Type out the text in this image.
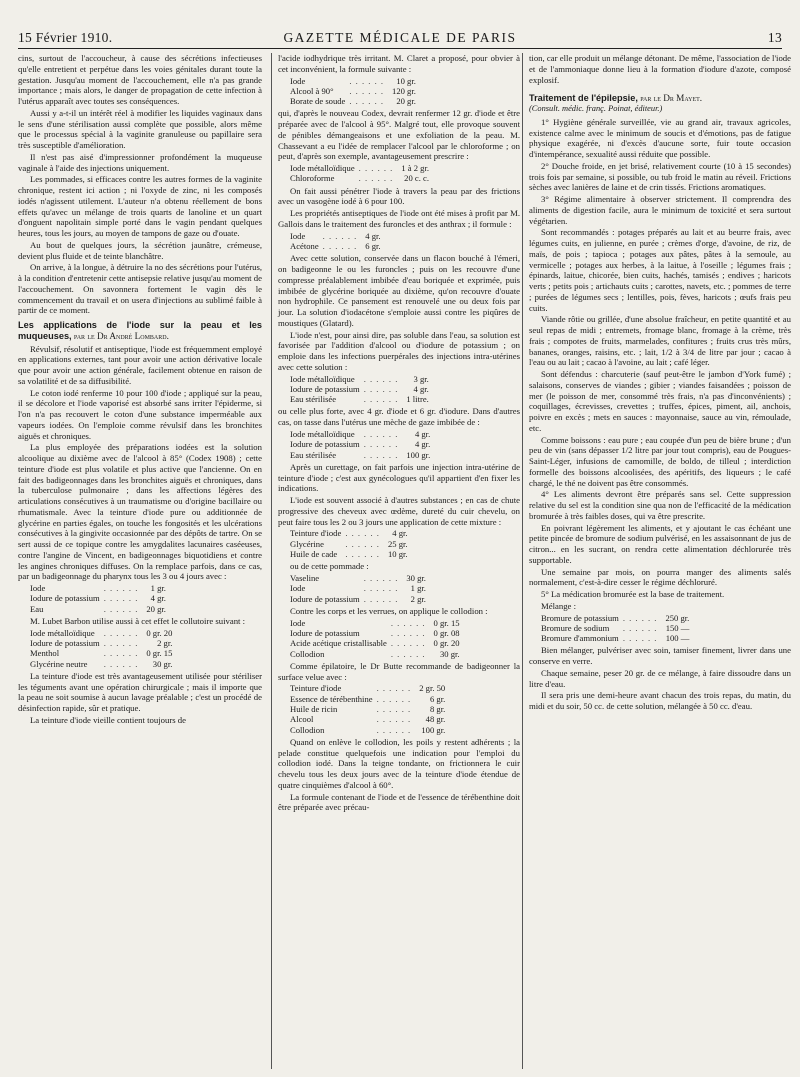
15 Février 1910.	GAZETTE MÉDICALE DE PARIS	13

cins, surtout de l'accoucheur, à cause des sécrétions infectieuses qu'elle entretient et perpétue dans les voies génitales durant toute la gestation. Jusqu'au moment de l'accouchement, elle n'a pas grande importance ; mais alors, le danger de propagation de cette infection à l'utérus apparaît avec toutes ses conséquences.

Aussi y a-t-il un intérêt réel à modifier les liquides vaginaux dans le sens d'une stérilisation aussi complète que possible, alors même que le processus spécial à la vaginite granuleuse ou papillaire sera très susceptible d'amélioration.

Il n'est pas aisé d'impressionner profondément la muqueuse vaginale à l'aide des injections uniquement.

Les pommades, si efficaces contre les autres formes de la vaginite chronique, restent ici action ; ni l'oxyde de zinc, ni les composés iodés n'agissent utilement. L'auteur n'a obtenu réellement de bons effets qu'avec un mélange de trois quarts de lanoline et un quart d'onguent napolitain simple porté dans le vagin pendant quelques heures, tous les jours, au moyen de tampons de gaze ou d'ouate.

Au bout de quelques jours, la sécrétion jaunâtre, crémeuse, devient plus fluide et de teinte blanchâtre.

On arrive, à la longue, à détruire la no des sécrétions pour l'utérus, à la condition d'entretenir cette antisepsie relative jusqu'au moment de l'accouchement. On savonnera fortement le vagin dès le commencement du travail et on usera d'injections au sublimé faible à partir de ce moment.

Les applications de l'iode sur la peau et les muqueuses, par le Dr André Lombard.

Révulsif, résolutif et antiseptique, l'iode est fréquemment employé en applications externes, tant pour avoir une action dérivative locale que pour avoir une action générale, facilement obtenue en raison de sa volatilité et de sa diffusibilité.

Le coton iodé renferme 10 pour 100 d'iode ; appliqué sur la peau, il se décolore et l'iode vaporisé est absorbé sans irriter l'épiderme, si l'on n'a pas recouvert le coton d'une substance imperméable aux vapeurs iodées. On l'emploie comme révulsif dans les bronchites aiguës et chroniques.

La plus employée des préparations iodées est la solution alcoolique au dixième avec de l'alcool à 85° (Codex 1908) ; cette teinture d'iode est plus volatile et plus active que l'ancienne. On en fait des badigeonnages dans les bronchites aiguës et chroniques, dans la tuberculose pulmonaire ; dans les affections légères des articulations consécutives à un traumatisme ou d'origine bacillaire ou rhumatismale. Avec la teinture d'iode pure ou additionnée de glycérine en parties égales, on touche les fongosités et les ulcérations consécutives à la gingivite occasionnée par des dépôts de tartre. On se sert aussi de ce topique contre les amygdalites lacunaires caséeuses, contre l'angine de Vincent, en badigeonnages biquotidiens et contre les angines chroniques diffuses. On la remplace parfois, dans ce cas, par un badigeonnage du pharynx tous les 3 ou 4 jours avec :

Iode	. . . . . .	1 gr.
Iodure de potassium	. . . . . .	4 gr.
Eau	. . . . . .	20 gr.

M. Lubet Barbon utilise aussi à cet effet le collutoire suivant :

Iode métalloïdique	. . . . . .	0 gr. 20
Iodure de potassium	. . . . . .	2 gr.
Menthol	. . . . . .	0 gr. 15
Glycérine neutre	. . . . . .	30 gr.

La teinture d'iode est très avantageusement utilisée pour stériliser les téguments avant une opération chirurgicale ; mais il importe que la peau ne soit soumise à aucun lavage préalable ; c'est un procédé de désinfection rapide, sûr et pratique.

La teinture d'iode vieille contient toujours de

l'acide iodhydrique très irritant. M. Claret a proposé, pour obvier à cet inconvénient, la formule suivante :

Iode	. . . . . .	10 gr.
Alcool à 90°	. . . . . .	120 gr.
Borate de soude	. . . . . .	20 gr.

qui, d'après le nouveau Codex, devrait renfermer 12 gr. d'iode et être préparée avec de l'alcool à 95°. Malgré tout, elle provoque souvent de pénibles démangeaisons et une exfoliation de la peau. M. Chassevant a eu l'idée de remplacer l'alcool par le chloroforme ; on peut, d'après son exemple, avantageusement prescrire :

Iode métalloïdique	. . . . . .	1 à 2 gr.
Chloroforme	. . . . . .	20 c. c.

On fait aussi pénétrer l'iode à travers la peau par des frictions avec un vasogène iodé à 6 pour 100.

Les propriétés antiseptiques de l'iode ont été mises à profit par M. Gallois dans le traitement des furoncles et des anthrax ; il formule :

Iode	. . . . . .	4 gr.
Acétone	. . . . . .	6 gr.

Avec cette solution, conservée dans un flacon bouché à l'émeri, on badigeonne le ou les furoncles ; puis on les recouvre d'une compresse préalablement imbibée d'eau boriquée et exprimée, puis imbibée de glycérine boriquée au dixième, qu'on recouvre d'ouate non hydrophile. Ce pansement est renouvelé une ou deux fois par jour. La solution d'iodacétone s'emploie aussi contre les piqûres de moustiques (Glatard).

L'iode n'est, pour ainsi dire, pas soluble dans l'eau, sa solution est favorisée par l'addition d'alcool ou d'iodure de potassium ; on emploie dans les infections puerpérales des injections intra-utérines avec cette solution :

Iode métalloïdique	. . . . . .	3 gr.
Iodure de potassium	. . . . . .	4 gr.
Eau stérilisée	. . . . . .	1 litre.

ou celle plus forte, avec 4 gr. d'iode et 6 gr. d'iodure. Dans d'autres cas, on tasse dans l'utérus une mèche de gaze imbibée de :

Iode métalloïdique	. . . . . .	4 gr.
Iodure de potassium	. . . . . .	4 gr.
Eau stérilisée	. . . . . .	100 gr.

Après un curettage, on fait parfois une injection intra-utérine de teinture d'iode ; c'est aux gynécologues qu'il appartient d'en fixer les indications.

L'iode est souvent associé à d'autres substances ; en cas de chute progressive des cheveux avec œdème, dureté du cuir chevelu, on peut faire tous les 2 ou 3 jours une application de cette mixture :

Teinture d'iode	. . . . . .	4 gr.
Glycérine	. . . . . .	25 gr.
Huile de cade	. . . . . .	10 gr.

ou de cette pommade :

Vaseline	. . . . . .	30 gr.
Iode	. . . . . .	1 gr.
Iodure de potassium	. . . . . .	2 gr.

Contre les corps et les verrues, on applique le collodion :

Iode	. . . . . .	0 gr. 15
Iodure de potassium	. . . . . .	0 gr. 08
Acide acétique cristallisable	. . . . . .	0 gr. 20
Collodion	. . . . . .	30 gr.

Comme épilatoire, le Dr Butte recommande de badigeonner la surface velue avec :

Teinture d'iode	. . . . . .	2 gr. 50
Essence de térébenthine	. . . . . .	6 gr.
Huile de ricin	. . . . . .	8 gr.
Alcool	. . . . . .	48 gr.
Collodion	. . . . . .	100 gr.

Quand on enlève le collodion, les poils y restent adhérents ; la pelade constitue quelquefois une indication pour l'emploi du collodion iodé. Dans la teigne tondante, on frictionnera le cuir chevelu tous les deux jours avec de la teinture d'iode étendue de quatre cinquièmes d'alcool à 60°.

La formule contenant de l'iode et de l'essence de térébenthine doit être préparée avec précau-

tion, car elle produit un mélange détonant. De même, l'association de l'iode et de l'ammoniaque donne lieu à la formation d'iodure d'azote, composé explosif.

Traitement de l'épilepsie, par le Dr Mayet.
(Consult. médic. franç. Poinat, éditeur.)

1° Hygiène générale surveillée, vie au grand air, travaux agricoles, existence calme avec le minimum de soucis et d'émotions, pas de fatigue physique exagérée, ni d'excès d'aucune sorte, fuir toute occasion d'intempérance, sexualité aussi réduite que possible.

2° Douche froide, en jet brisé, relativement courte (10 à 15 secondes) trois fois par semaine, si possible, ou tub froid le matin au réveil. Frictions sèches avec lanières de laine et de crin tissés. Frictions aromatiques.

3° Régime alimentaire à observer strictement. Il comprendra des aliments de digestion facile, aura le minimum de toxicité et sera surtout végétarien.

Sont recommandés : potages préparés au lait et au beurre frais, avec légumes cuits, en julienne, en purée ; crèmes d'orge, d'avoine, de riz, de maïs, de pois ; tapioca ; potages aux pâtes, pâtes à la semoule, au vermicelle ; potages aux herbes, à la laitue, à l'oseille ; légumes frais ; épinards, laitue, chicorée, bien cuits, hachés, tamisés ; endives ; haricots verts ; petits pois ; artichauts cuits ; carottes, navets, etc. ; pommes de terre ; purées de légumes secs ; lentilles, pois, fèves, haricots ; œufs frais peu cuits.

Viande rôtie ou grillée, d'une absolue fraîcheur, en petite quantité et au seul repas de midi ; entremets, fromage blanc, fromage à la crème, très frais ; compotes de fruits, marmelades, confitures ; fruits crus très mûrs, bananes, oranges, raisins, etc. ; lait, 1/2 à 3/4 de litre par jour ; cacao à l'eau ou au lait ; cacao à l'avoine, au lait ; café léger.

Sont défendus : charcuterie (sauf peut-être le jambon d'York fumé) ; salaisons, conserves de viandes ; gibier ; viandes faisandées ; poisson de mer (le poisson de mer, consommé très frais, n'a pas d'inconvénients) ; coquillages, écrevisses, crevettes ; truffes, épices, piment, ail, anchois, poivre en excès ; mets en sauces : mayonnaise, sauce au vin, rémoulade, etc.

Comme boissons : eau pure ; eau coupée d'un peu de bière brune ; d'un peu de vin (sans dépasser 1/2 litre par jour tout compris), eau de Pougues-Saint-Léger, infusions de camomille, de boldo, de tilleul ; interdiction formelle des boissons alcoolisées, des apéritifs, des liqueurs ; le café chargé, le thé ne doivent pas être consommés.

4° Les aliments devront être préparés sans sel. Cette suppression relative du sel est la condition sine qua non de l'efficacité de la médication bromurée à très faibles doses, qui va être prescrite.

En poivrant légèrement les aliments, et y ajoutant le cas échéant une petite pincée de bromure de sodium pulvérisé, en les assaisonnant de jus de citron... en les sucrant, on rendra cette alimentation déchlorurée très supportable.

Une semaine par mois, on pourra manger des aliments salés normalement, c'est-à-dire cesser le régime déchloruré.

5° La médication bromurée est la base de traitement.

Mélange :

Bromure de potassium	. . . . . .	250 gr.
Bromure de sodium	. . . . . .	150 —
Bromure d'ammonium	. . . . . .	100 —

Bien mélanger, pulvériser avec soin, tamiser finement, livrer dans une conserve en verre.

Chaque semaine, peser 20 gr. de ce mélange, à faire dissoudre dans un litre d'eau.

Il sera pris une demi-heure avant chacun des trois repas, du matin, du midi et du soir, 50 cc. de cette solution, mélangée à 50 cc. d'eau.
